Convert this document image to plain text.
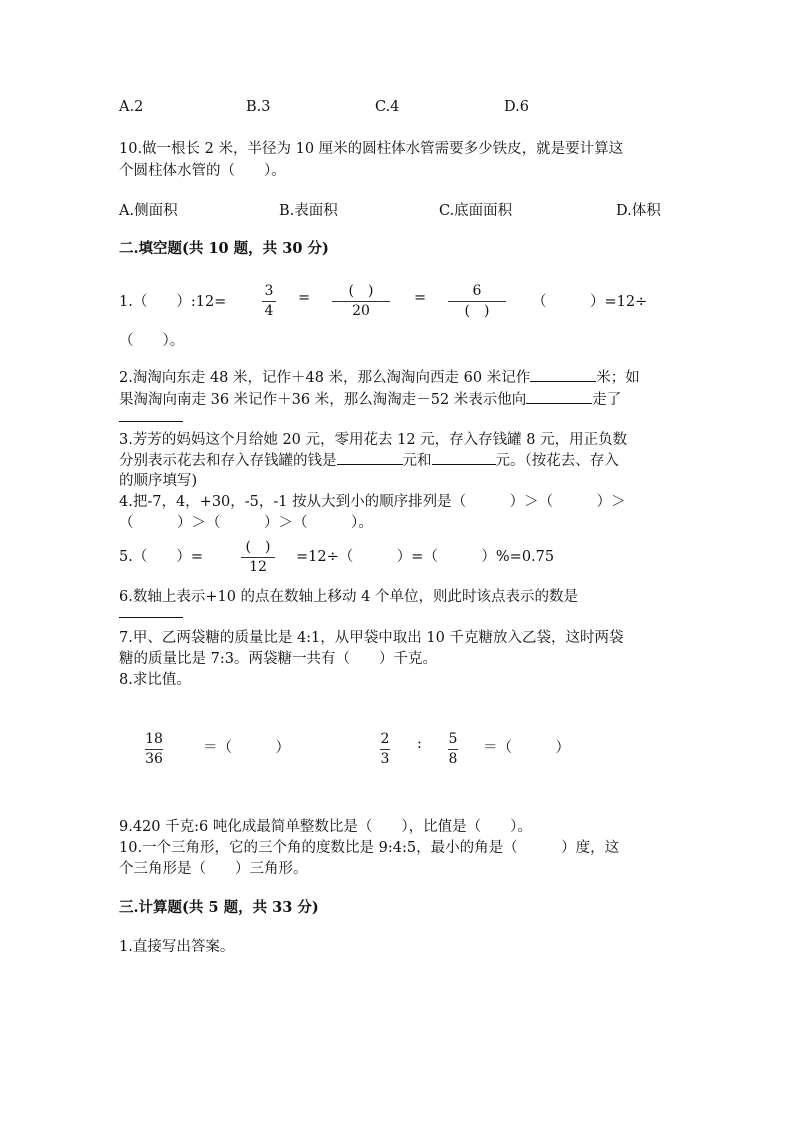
A.2	B.3	C.4	D.6
10.做一根长 2 米，半径为 10 厘米的圆柱体水管需要多少铁皮，就是要计算这
个圆柱体水管的（　　）。
A.侧面积	B.表面积	C.底面面积	D.体积
二.填空题(共 10 题，共 30 分)
1.（　　）:12=
3
4
=	(　)
20
=	6
(　)
（　　　）=12÷
（　　）。
2.淘淘向东走 48 米，记作＋48 米，那么淘淘向西走 60 米记作	米；如
果淘淘向南走 36 米记作＋36 米，那么淘淘走－52 米表示他向	走了
3.芳芳的妈妈这个月给她 20 元，零用花去 12 元，存入存钱罐 8 元，用正负数
分别表示花去和存入存钱罐的钱是	元和	元。（按花去、存入
的顺序填写)
4.把-7，4，+30，-5，-1 按从大到小的顺序排列是（　　　）＞（　　　）＞
（　　　）＞（　　　）＞（　　　）。
5.（　　）=
(　)
12
=12÷（　　　）=（　　　）%=0.75
6.数轴上表示+10 的点在数轴上移动 4 个单位，则此时该点表示的数是
7.甲、乙两袋糖的质量比是 4:1，从甲袋中取出 10 千克糖放入乙袋，这时两袋
糖的质量比是 7:3。两袋糖一共有（　　）千克。
8.求比值。
18
36
＝（　　　）
2
3
: 5
8
＝（　　　）
9.420 千克:6 吨化成最简单整数比是（　　），比值是（　　）。
10.一个三角形，它的三个角的度数比是 9:4:5，最小的角是（　　　）度，这
个三角形是（　　）三角形。
三.计算题(共 5 题，共 33 分)
1.直接写出答案。
